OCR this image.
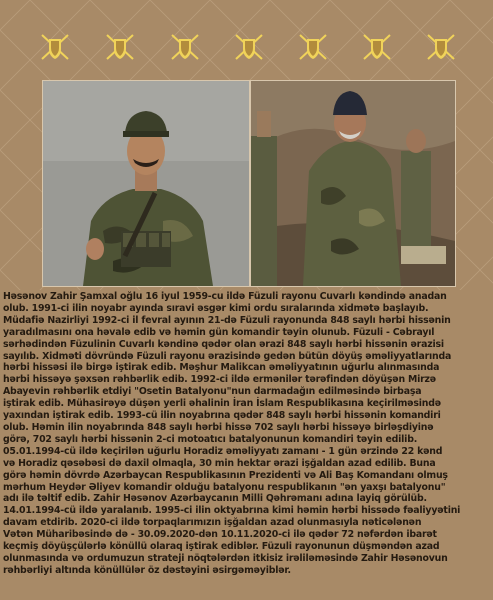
Həsənov Zahir Şamxal oğlu 16 iyul 1959-cu ildə Füzuli rayonu Cuvarlı kəndində anadan
olub. 1991-ci ilin noyabr ayında sıravi əsgər kimi ordu sıralarında xidmətə başlayıb.
Müdafiə Nazirliyi 1992-ci il fevral ayının 21-də Füzuli rayonunda 848 saylı hərbi hissənin
yaradılmasını ona həvalə edib və həmin gün komandir təyin olunub. Füzuli - Cəbrayıl
sərhədindən Füzulinin Cuvarlı kəndinə qədər olan ərazi 848 saylı hərbi hissənin ərazisi
sayılıb. Xidməti dövründə Füzuli rayonu ərazisində gedən bütün döyüş əməliyyatlarında
hərbi hissəsi ilə birgə iştirak edib. Məşhur Malikcan əməliyyatının uğurlu alınmasında
hərbi hissəyə şəxsən rəhbərlik edib. 1992-ci ildə ermənilər tərəfindən döyüşən Mirzə
Abayevin rəhbərlik etdiyi "Osetin Batalyonu"nun darmadağın edilməsində birbaşa
iştirak edib. Mühasirəyə düşən yerli əhalinin İran İslam Respublikasına keçirilməsində
yaxından iştirak edib. 1993-cü ilin noyabrına qədər 848 saylı hərbi hissənin komandiri
olub. Həmin ilin noyabrında 848 saylı hərbi hissə 702 saylı hərbi hissəyə birləşdiyinə
görə, 702 saylı hərbi hissənin 2-ci motoatıcı batalyonunun komandiri təyin edilib.
05.01.1994-cü ildə keçirilən uğurlu Horadiz əməliyyatı zamanı - 1 gün ərzində 22 kənd
və Horadiz qəsəbəsi də daxil olmaqla, 30 min hektar ərazi işğaldan azad edilib. Buna
görə həmin dövrdə Azərbaycan Respublikasının Prezidenti və Ali Baş Komandanı olmuş
mərhum Heydər Əliyev komandir olduğu batalyonu respublikanın "ən yaxşı batalyonu"
adı ilə təltif edib. Zahir Həsənov Azərbaycanın Milli Qəhrəmanı adına layiq görülüb.
14.01.1994-cü ildə yaralanıb. 1995-ci ilin oktyabrına kimi həmin hərbi hissədə fəaliyyətini
davam etdirib. 2020-ci ildə torpaqlarımızın işğaldan azad olunmasıyla nəticələnən
Vətən Müharibəsində də - 30.09.2020-dən 10.11.2020-ci ilə qədər 72 nəfərdən ibarət
keçmiş döyüşçülərlə könüllü olaraq iştirak ediblər. Füzuli rayonunun düşməndən azad
olunmasında və ordumuzun strateji nöqtələrdən itkisiz irəliləməsində Zahir Həsənovun
rəhbərliyi altında könüllülər öz dəstəyini əsirgəməyiblər.
